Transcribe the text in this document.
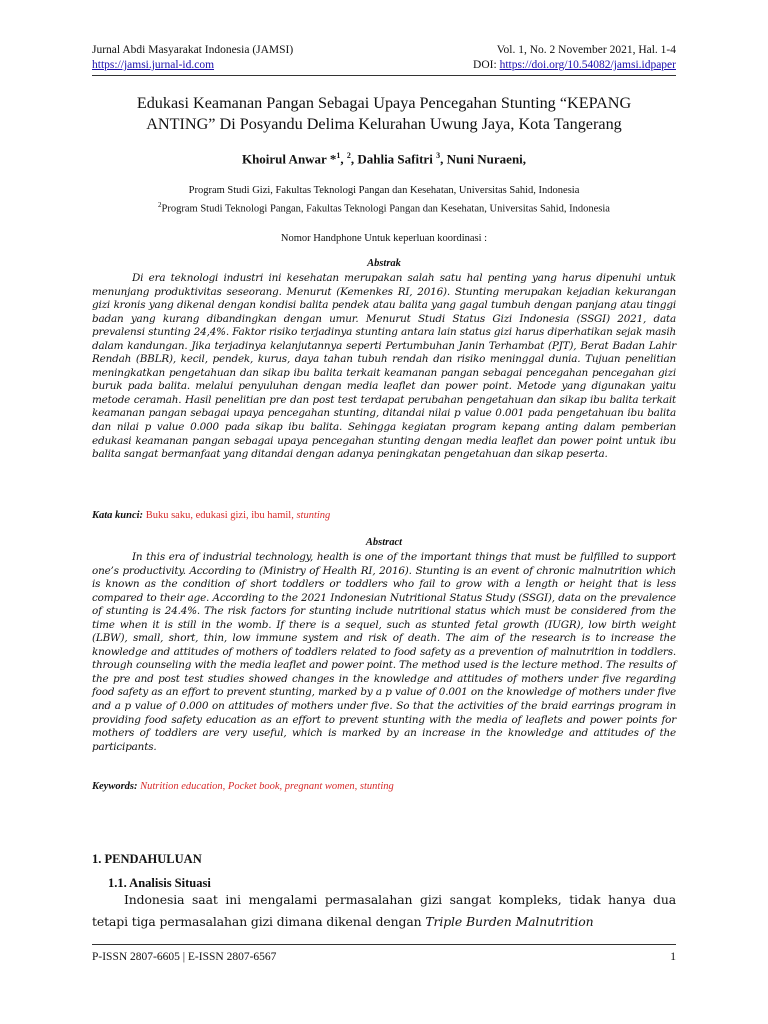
Jurnal Abdi Masyarakat Indonesia (JAMSI)	Vol. 1, No. 2 November 2021, Hal. 1-4
https://jamsi.jurnal-id.com	DOI: https://doi.org/10.54082/jamsi.idpaper
Edukasi Keamanan Pangan Sebagai Upaya Pencegahan Stunting “KEPANG
ANTING” Di Posyandu Delima Kelurahan Uwung Jaya, Kota Tangerang
Khoirul Anwar *$^1$, $^2$, Dahlia Safitri $^3$, Nuni Nuraeni,
Program Studi Gizi, Fakultas Teknologi Pangan dan Kesehatan, Universitas Sahid, Indonesia
$^2$Program Studi Teknologi Pangan, Fakultas Teknologi Pangan dan Kesehatan, Universitas Sahid, Indonesia
Nomor Handphone Untuk keperluan koordinasi :
Abstrak

Di era teknologi industri ini kesehatan merupakan salah satu hal penting yang harus dipenuhi untuk menunjang produktivitas seseorang. Menurut (Kemenkes RI, 2016). Stunting merupakan kejadian kekurangan gizi kronis yang dikenal dengan kondisi balita pendek atau balita yang gagal tumbuh dengan panjang atau tinggi badan yang kurang dibandingkan dengan umur. Menurut Studi Status Gizi Indonesia (SSGI) 2021, data prevalensi stunting 24,4%. Faktor risiko terjadinya stunting antara lain status gizi harus diperhatikan sejak masih dalam kandungan. Jika terjadinya kelanjutannya seperti Pertumbuhan Janin Terhambat (PJT), Berat Badan Lahir Rendah (BBLR), kecil, pendek, kurus, daya tahan tubuh rendah dan risiko meninggal dunia. Tujuan penelitian meningkatkan pengetahuan dan sikap ibu balita terkait keamanan pangan sebagai pencegahan pencegahan gizi buruk pada balita. melalui penyuluhan dengan media leaflet dan power point. Metode yang digunakan yaitu metode ceramah. Hasil penelitian pre dan post test terdapat perubahan pengetahuan dan sikap ibu balita terkait keamanan pangan sebagai upaya pencegahan stunting, ditandai nilai p value 0.001 pada pengetahuan ibu balita dan nilai p value 0.000 pada sikap ibu balita. Sehingga kegiatan program kepang anting dalam pemberian edukasi keamanan pangan sebagai upaya pencegahan stunting dengan media leaflet dan power point untuk ibu balita sangat bermanfaat yang ditandai dengan adanya peningkatan pengetahuan dan sikap peserta.

Kata kunci: Buku saku, edukasi gizi, ibu hamil, stunting
Abstract

In this era of industrial technology, health is one of the important things that must be fulfilled to support one’s productivity. According to (Ministry of Health RI, 2016). Stunting is an event of chronic malnutrition which is known as the condition of short toddlers or toddlers who fail to grow with a length or height that is less compared to their age. According to the 2021 Indonesian Nutritional Status Study (SSGI), data on the prevalence of stunting is 24.4%. The risk factors for stunting include nutritional status which must be considered from the time when it is still in the womb. If there is a sequel, such as stunted fetal growth (IUGR), low birth weight (LBW), small, short, thin, low immune system and risk of death. The aim of the research is to increase the knowledge and attitudes of mothers of toddlers related to food safety as a prevention of malnutrition in toddlers. through counseling with the media leaflet and power point. The method used is the lecture method. The results of the pre and post test studies showed changes in the knowledge and attitudes of mothers under five regarding food safety as an effort to prevent stunting, marked by a p value of 0.001 on the knowledge of mothers under five and a p value of 0.000 on attitudes of mothers under five. So that the activities of the braid earrings program in providing food safety education as an effort to prevent stunting with the media of leaflets and power points for mothers of toddlers are very useful, which is marked by an increase in the knowledge and attitudes of the participants.

Keywords: Nutrition education, Pocket book, pregnant women, stunting
1. PENDAHULUAN
1.1. Analisis Situasi

Indonesia saat ini mengalami permasalahan gizi sangat kompleks, tidak hanya dua tetapi tiga permasalahan gizi dimana dikenal dengan Triple Burden Malnutrition

P-ISSN 2807-6605 | E-ISSN 2807-6567	1
